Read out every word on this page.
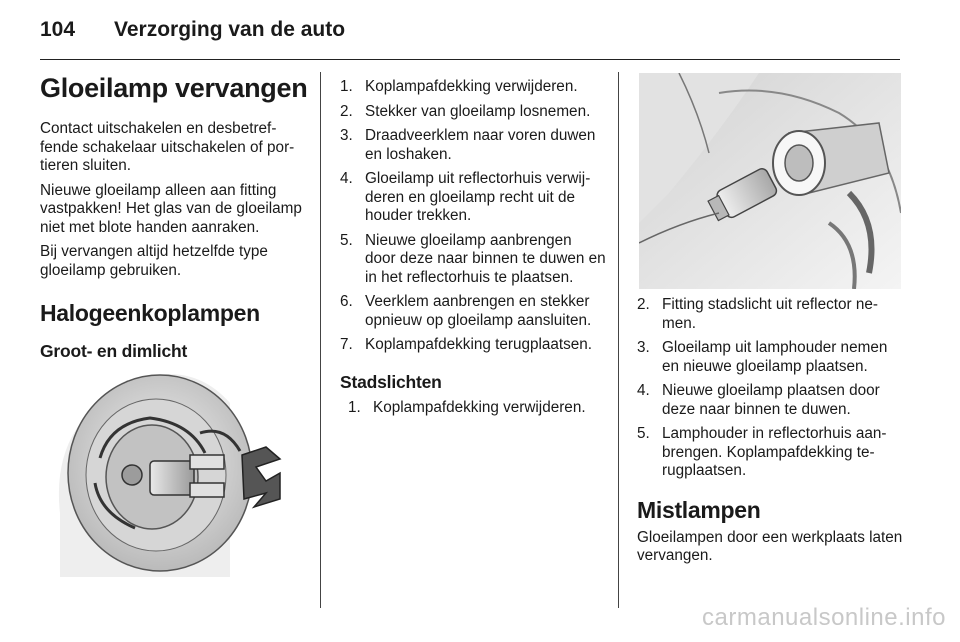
104 Verzorging van de auto
Gloeilamp vervangen

Contact uitschakelen en desbetreffende schakelaar uitschakelen of portieren sluiten.

Nieuwe gloeilamp alleen aan fitting vastpakken! Het glas van de gloeilamp niet met blote handen aanraken.

Bij vervangen altijd hetzelfde type gloeilamp gebruiken.

Halogeenkoplampen
Groot- en dimlicht
1. Koplampafdekking verwijderen.
2. Stekker van gloeilamp losnemen.
3. Draadveerklem naar voren duwen en loshaken.
4. Gloeilamp uit reflectorhuis verwijderen en gloeilamp recht uit de houder trekken.
5. Nieuwe gloeilamp aanbrengen door deze naar binnen te duwen en in het reflectorhuis te plaatsen.
6. Veerklem aanbrengen en stekker opnieuw op gloeilamp aansluiten.
7. Koplampafdekking terugplaatsen.
Stadslichten
1. Koplampafdekking verwijderen.
2. Fitting stadslicht uit reflector nemen.
3. Gloeilamp uit lamphouder nemen en nieuwe gloeilamp plaatsen.
4. Nieuwe gloeilamp plaatsen door deze naar binnen te duwen.
5. Lamphouder in reflectorhuis aanbrengen. Koplampafdekking terugplaatsen.
Mistlampen

Gloeilampen door een werkplaats laten vervangen.

carmanualsonline.info
